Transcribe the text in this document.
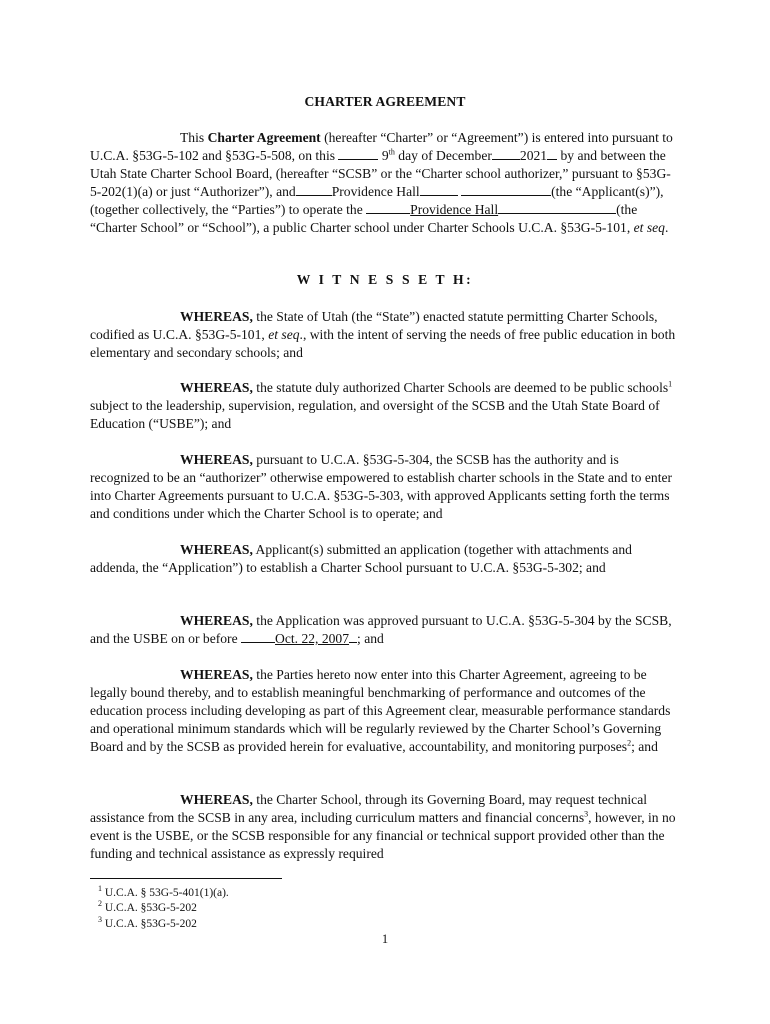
CHARTER AGREEMENT

This Charter Agreement (hereafter “Charter” or “Agreement”) is entered into pursuant to U.C.A. §53G-5-102 and §53G-5-508, on this	9th day of December 2021 by and between the Utah State Charter School Board, (hereafter “SCSB” or the “Charter school authorizer,” pursuant to §53G-5-202(1)(a) or just “Authorizer”), and	Providence Hall	(the “Applicant(s)”), (together collectively, the “Parties”) to operate the	Providence Hall	(the “Charter School” or “School”), a public Charter school under Charter Schools U.C.A. §53G-5-101, et seq.

W I T N E S S E T H:

WHEREAS, the State of Utah (the “State”) enacted statute permitting Charter Schools, codified as U.C.A. §53G-5-101, et seq., with the intent of serving the needs of free public education in both elementary and secondary schools; and

WHEREAS, the statute duly authorized Charter Schools are deemed to be public schools$^1$ subject to the leadership, supervision, regulation, and oversight of the SCSB and the Utah State Board of Education (“USBE”); and

WHEREAS, pursuant to U.C.A. §53G-5-304, the SCSB has the authority and is recognized to be an “authorizer” otherwise empowered to establish charter schools in the State and to enter into Charter Agreements pursuant to U.C.A. §53G-5-303, with approved Applicants setting forth the terms and conditions under which the Charter School is to operate; and

WHEREAS, Applicant(s) submitted an application (together with attachments and addenda, the “Application”) to establish a Charter School pursuant to U.C.A. §53G-5-302; and

WHEREAS, the Application was approved pursuant to U.C.A. §53G-5-304 by the SCSB, and the USBE on or before	Oct. 22, 2007 ; and

WHEREAS, the Parties hereto now enter into this Charter Agreement, agreeing to be legally bound thereby, and to establish meaningful benchmarking of performance and outcomes of the education process including developing as part of this Agreement clear, measurable performance standards and operational minimum standards which will be regularly reviewed by the Charter School’s Governing Board and by the SCSB as provided herein for evaluative, accountability, and monitoring purposes$^2$; and

WHEREAS, the Charter School, through its Governing Board, may request technical assistance from the SCSB in any area, including curriculum matters and financial concerns$^3$, however, in no event is the USBE, or the SCSB responsible for any financial or technical support provided other than the funding and technical assistance as expressly required

$^1$ U.C.A. § 53G-5-401(1)(a).
$^2$ U.C.A. §53G-5-202
$^3$ U.C.A. §53G-5-202
1
